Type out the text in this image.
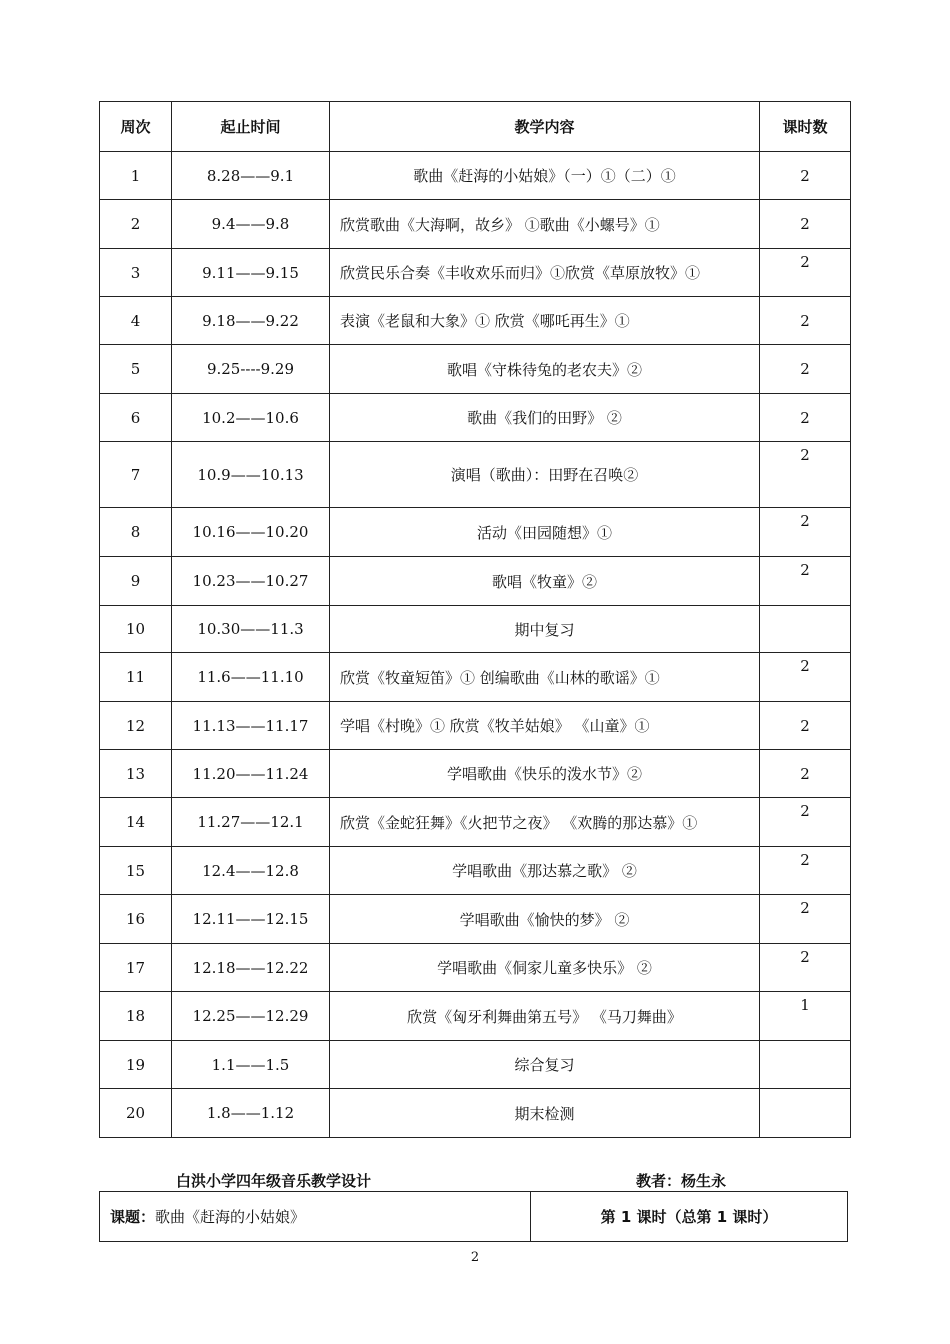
周次	起止时间	教学内容	课时数
1	8.28——9.1	歌曲《赶海的小姑娘》（一）①（二）①	2
2	9.4——9.8	欣赏歌曲《大海啊，故乡》 ①歌曲《小螺号》①	2
3	9.11——9.15	欣赏民乐合奏《丰收欢乐而归》①欣赏《草原放牧》①	2
4	9.18——9.22	表演《老鼠和大象》① 欣赏《哪吒再生》①	2
5	9.25----9.29	歌唱《守株待兔的老农夫》②	2
6	10.2——10.6	歌曲《我们的田野》 ②	2
7	10.9——10.13	演唱（歌曲）：田野在召唤②	2
8	10.16——10.20	活动《田园随想》①	2
9	10.23——10.27	歌唱《牧童》②	2
10	10.30——11.3	期中复习	
11	11.6——11.10	欣赏《牧童短笛》① 创编歌曲《山林的歌谣》①	2
12	11.13——11.17	学唱《村晚》① 欣赏《牧羊姑娘》 《山童》①	2
13	11.20——11.24	学唱歌曲《快乐的泼水节》②	2
14	11.27——12.1	欣赏《金蛇狂舞》《火把节之夜》 《欢腾的那达慕》①	2
15	12.4——12.8	学唱歌曲《那达慕之歌》 ②	2
16	12.11——12.15	学唱歌曲《愉快的梦》 ②	2
17	12.18——12.22	学唱歌曲《侗家儿童多快乐》 ②	2
18	12.25——12.29	欣赏《匈牙利舞曲第五号》 《马刀舞曲》	1
19	1.1——1.5	综合复习	
20	1.8——1.12	期末检测	
白洪小学四年级音乐教学设计	教者：杨生永
课题： 歌曲《赶海的小姑娘》	第 1 课时（总第 1 课时）
2
